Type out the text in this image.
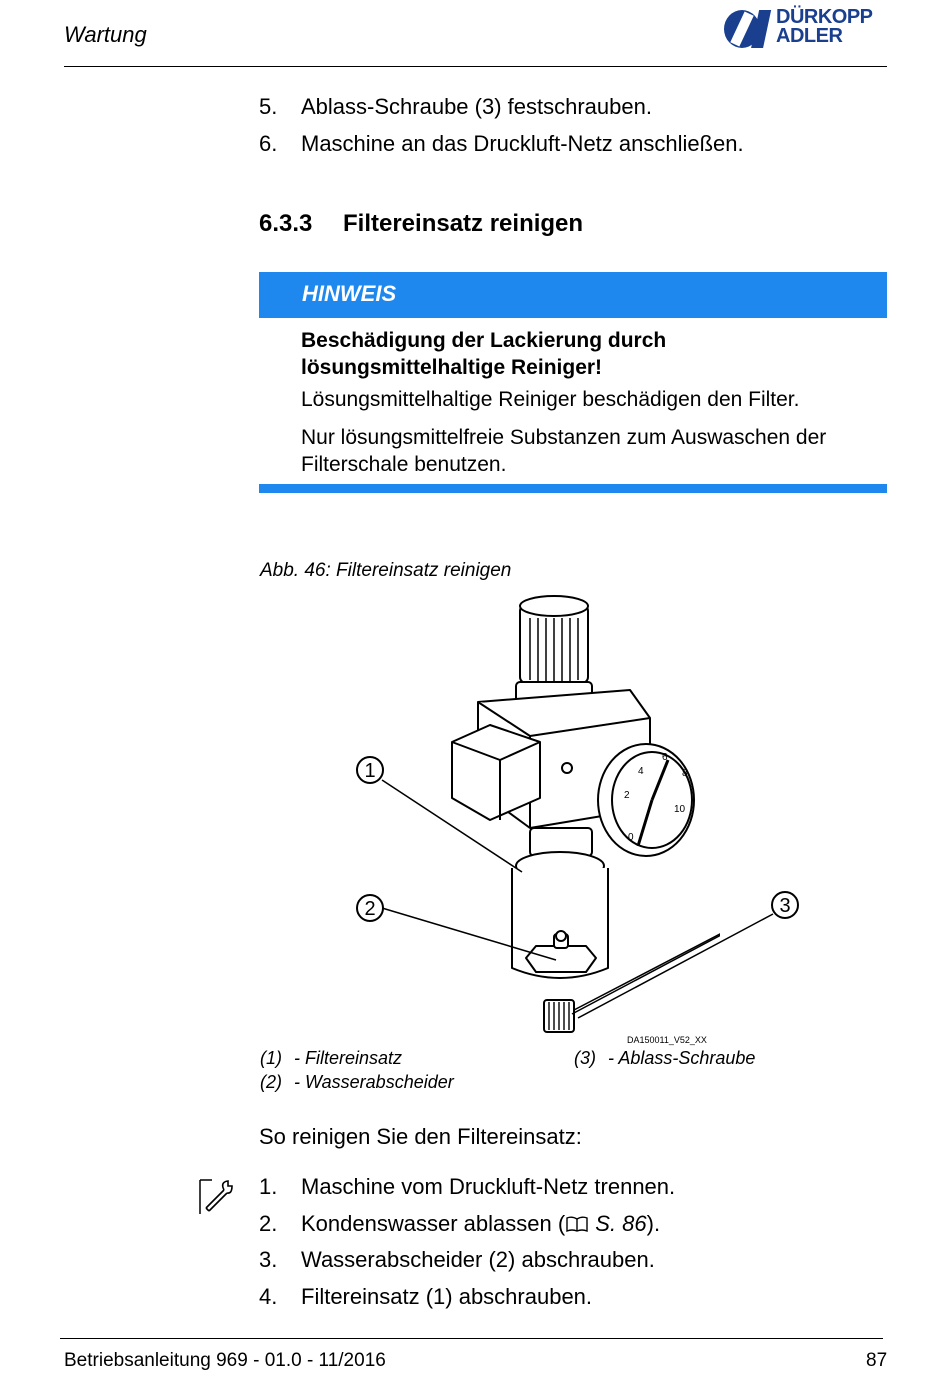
Wartung
DÜRKOPP
ADLER
5. Ablass-Schraube (3) festschrauben.
6. Maschine an das Druckluft-Netz anschließen.
6.3.3 Filtereinsatz reinigen
HINWEIS
Beschädigung der Lackierung durch
lösungsmittelhaltige Reiniger!
Lösungsmittelhaltige Reiniger beschädigen den Filter.
Nur lösungsmittelfreie Substanzen zum Auswaschen der
Filterschale benutzen.
Abb. 46: Filtereinsatz reinigen
0
2
4
6
8
10
1
2	3
DA150011_V52_XX
(1) - Filtereinsatz
(2) - Wasserabscheider
(3) - Ablass-Schraube
So reinigen Sie den Filtereinsatz:
1. Maschine vom Druckluft-Netz trennen.
2. Kondenswasser ablassen ( S. 86).
3. Wasserabscheider (2) abschrauben.
4. Filtereinsatz (1) abschrauben.
Betriebsanleitung 969 - 01.0 - 11/2016	87
